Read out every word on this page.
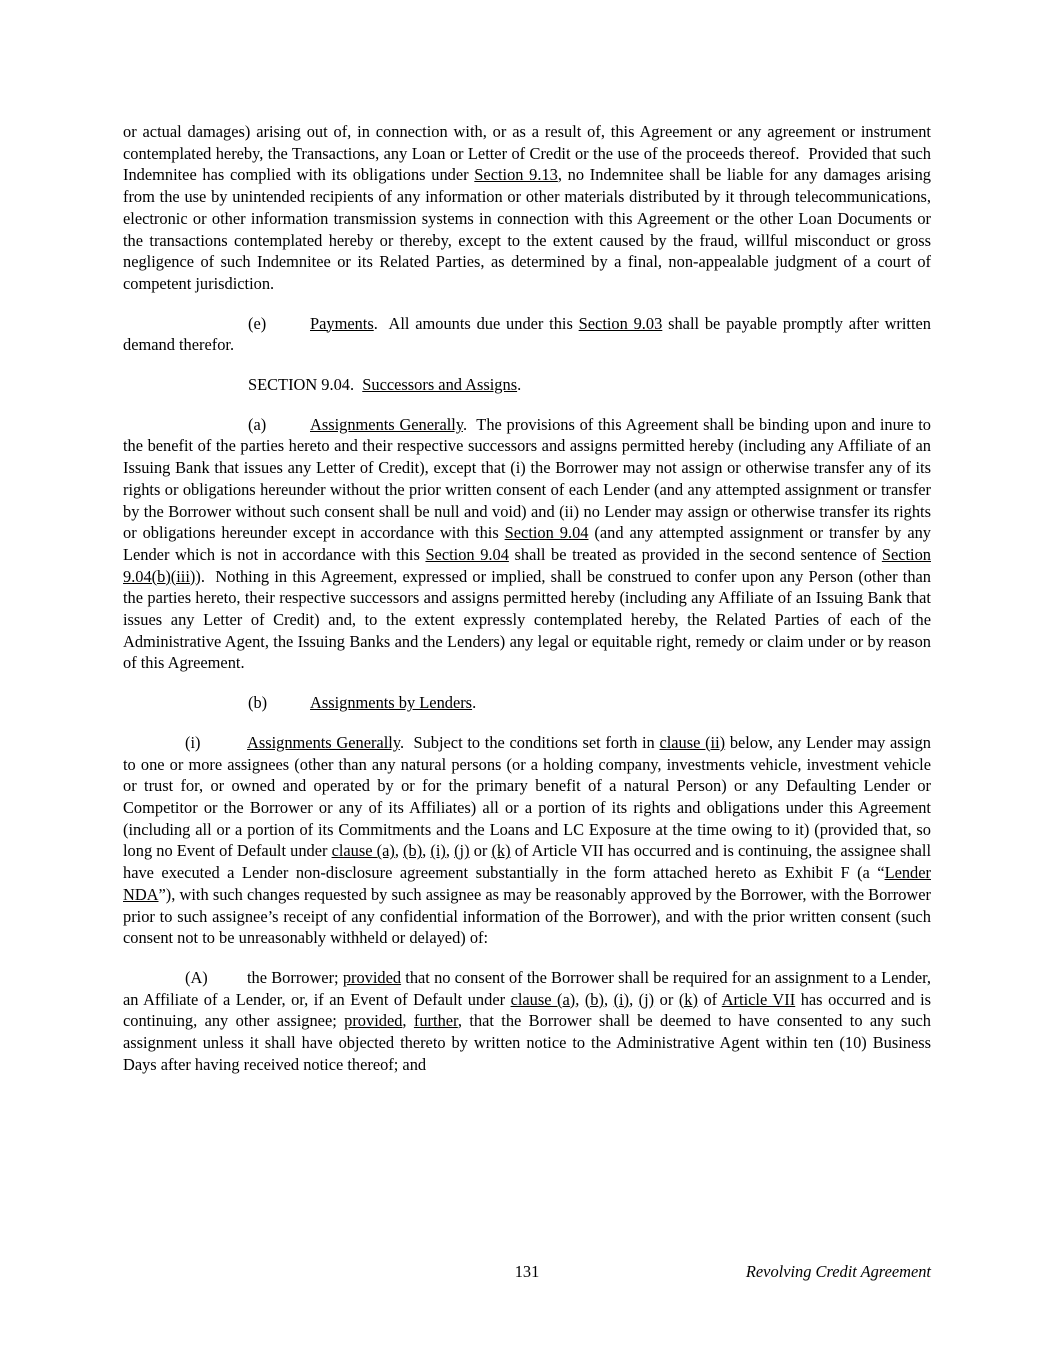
or actual damages) arising out of, in connection with, or as a result of, this Agreement or any agreement or instrument contemplated hereby, the Transactions, any Loan or Letter of Credit or the use of the proceeds thereof.  Provided that such Indemnitee has complied with its obligations under Section 9.13, no Indemnitee shall be liable for any damages arising from the use by unintended recipients of any information or other materials distributed by it through telecommunications, electronic or other information transmission systems in connection with this Agreement or the other Loan Documents or the transactions contemplated hereby or thereby, except to the extent caused by the fraud, willful misconduct or gross negligence of such Indemnitee or its Related Parties, as determined by a final, non-appealable judgment of a court of competent jurisdiction.

(e)	Payments.  All amounts due under this Section 9.03 shall be payable promptly after written demand therefor.

SECTION 9.04.  Successors and Assigns.

(a)	Assignments Generally.  The provisions of this Agreement shall be binding upon and inure to the benefit of the parties hereto and their respective successors and assigns permitted hereby (including any Affiliate of an Issuing Bank that issues any Letter of Credit), except that (i) the Borrower may not assign or otherwise transfer any of its rights or obligations hereunder without the prior written consent of each Lender (and any attempted assignment or transfer by the Borrower without such consent shall be null and void) and (ii) no Lender may assign or otherwise transfer its rights or obligations hereunder except in accordance with this Section 9.04 (and any attempted assignment or transfer by any Lender which is not in accordance with this Section 9.04 shall be treated as provided in the second sentence of Section 9.04(b)(iii)).  Nothing in this Agreement, expressed or implied, shall be construed to confer upon any Person (other than the parties hereto, their respective successors and assigns permitted hereby (including any Affiliate of an Issuing Bank that issues any Letter of Credit) and, to the extent expressly contemplated hereby, the Related Parties of each of the Administrative Agent, the Issuing Banks and the Lenders) any legal or equitable right, remedy or claim under or by reason of this Agreement.

(b)	Assignments by Lenders.

(i)	Assignments Generally.  Subject to the conditions set forth in clause (ii) below, any Lender may assign to one or more assignees (other than any natural persons (or a holding company, investments vehicle, investment vehicle or trust for, or owned and operated by or for the primary benefit of a natural Person) or any Defaulting Lender or Competitor or the Borrower or any of its Affiliates) all or a portion of its rights and obligations under this Agreement (including all or a portion of its Commitments and the Loans and LC Exposure at the time owing to it) (provided that, so long no Event of Default under clause (a), (b), (i), (j) or (k) of Article VII has occurred and is continuing, the assignee shall have executed a Lender non-disclosure agreement substantially in the form attached hereto as Exhibit F (a “Lender NDA”), with such changes requested by such assignee as may be reasonably approved by the Borrower, with the Borrower prior to such assignee’s receipt of any confidential information of the Borrower), and with the prior written consent (such consent not to be unreasonably withheld or delayed) of:

(A) the Borrower; provided that no consent of the Borrower shall be required for an assignment to a Lender, an Affiliate of a Lender, or, if an Event of Default under clause (a), (b), (i), (j) or (k) of Article VII has occurred and is continuing, any other assignee; provided, further, that the Borrower shall be deemed to have consented to any such assignment unless it shall have objected thereto by written notice to the Administrative Agent within ten (10) Business Days after having received notice thereof; and

131	Revolving Credit Agreement
